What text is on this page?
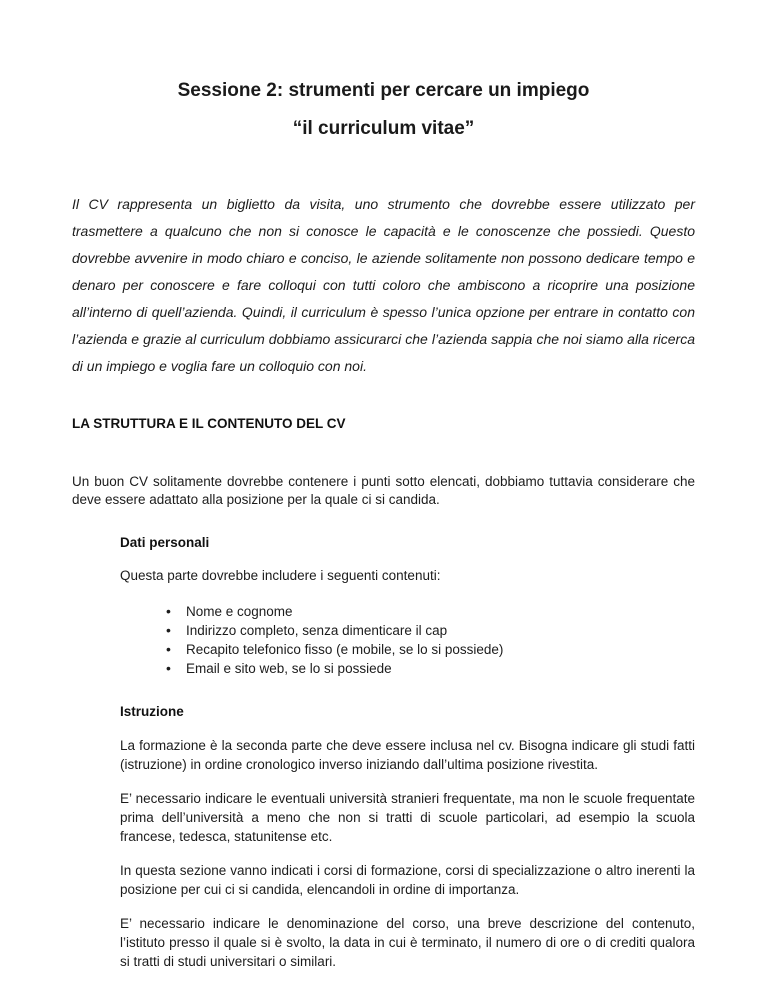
Sessione 2: strumenti per cercare un impiego
“il curriculum vitae”

Il CV rappresenta un biglietto da visita, uno strumento che dovrebbe essere utilizzato per trasmettere a qualcuno che non si conosce le capacità e le conoscenze che possiedi. Questo dovrebbe avvenire in modo chiaro e conciso, le aziende solitamente non possono dedicare tempo e denaro per conoscere e fare colloqui con tutti coloro che ambiscono a ricoprire una posizione all’interno di quell’azienda. Quindi, il curriculum è spesso l’unica opzione per entrare in contatto con l’azienda e grazie al curriculum dobbiamo assicurarci che l’azienda sappia che noi siamo alla ricerca di un impiego e voglia fare un colloquio con noi.

LA STRUTTURA E IL CONTENUTO DEL CV

Un buon CV solitamente dovrebbe contenere i punti sotto elencati, dobbiamo tuttavia considerare che deve essere adattato alla posizione per la quale ci si candida.

Dati personali

Questa parte dovrebbe includere i seguenti contenuti:

• Nome e cognome
• Indirizzo completo, senza dimenticare il cap
• Recapito telefonico fisso (e mobile, se lo si possiede)
• Email e sito web, se lo si possiede
Istruzione

La formazione è la seconda parte che deve essere inclusa nel cv. Bisogna indicare gli studi fatti (istruzione) in ordine cronologico inverso iniziando dall’ultima posizione rivestita.

E’ necessario indicare le eventuali università stranieri frequentate, ma non le scuole frequentate prima dell’università a meno che non si tratti di scuole particolari, ad esempio la scuola francese, tedesca, statunitense etc.

In questa sezione vanno indicati i corsi di formazione, corsi di specializzazione o altro inerenti la posizione per cui ci si candida, elencandoli in ordine di importanza.

E’ necessario indicare le denominazione del corso, una breve descrizione del contenuto, l’istituto presso il quale si è svolto, la data in cui è terminato, il numero di ore o di crediti qualora si tratti di studi universitari o similari.
